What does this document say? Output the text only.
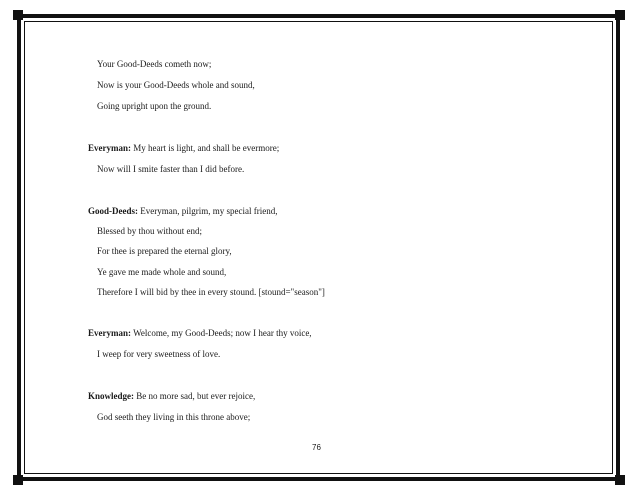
Your Good-Deeds cometh now;
Now is your Good-Deeds whole and sound,
Going upright upon the ground.
Everyman: My heart is light, and shall be evermore;
Now will I smite faster than I did before.
Good-Deeds: Everyman, pilgrim, my special friend,
Blessed by thou without end;
For thee is prepared the eternal glory,
Ye gave me made whole and sound,
Therefore I will bid by thee in every stound. [stound="season"]
Everyman: Welcome, my Good-Deeds; now I hear thy voice,
I weep for very sweetness of love.
Knowledge: Be no more sad, but ever rejoice,
God seeth they living in this throne above;
76
